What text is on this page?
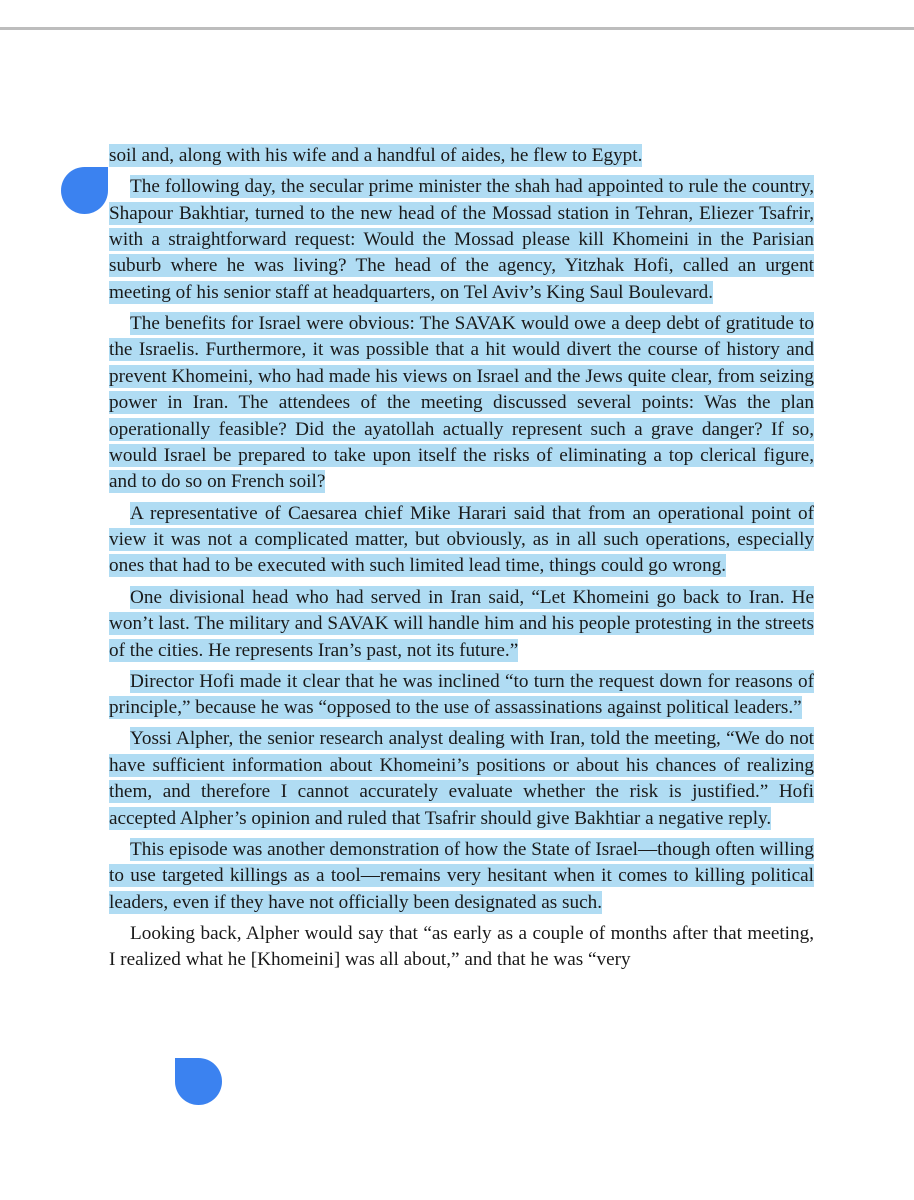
soil and, along with his wife and a handful of aides, he flew to Egypt.

The following day, the secular prime minister the shah had appointed to rule the country, Shapour Bakhtiar, turned to the new head of the Mossad station in Tehran, Eliezer Tsafrir, with a straightforward request: Would the Mossad please kill Khomeini in the Parisian suburb where he was living? The head of the agency, Yitzhak Hofi, called an urgent meeting of his senior staff at headquarters, on Tel Aviv’s King Saul Boulevard.

The benefits for Israel were obvious: The SAVAK would owe a deep debt of gratitude to the Israelis. Furthermore, it was possible that a hit would divert the course of history and prevent Khomeini, who had made his views on Israel and the Jews quite clear, from seizing power in Iran. The attendees of the meeting discussed several points: Was the plan operationally feasible? Did the ayatollah actually represent such a grave danger? If so, would Israel be prepared to take upon itself the risks of eliminating a top clerical figure, and to do so on French soil?

A representative of Caesarea chief Mike Harari said that from an operational point of view it was not a complicated matter, but obviously, as in all such operations, especially ones that had to be executed with such limited lead time, things could go wrong.

One divisional head who had served in Iran said, “Let Khomeini go back to Iran. He won’t last. The military and SAVAK will handle him and his people protesting in the streets of the cities. He represents Iran’s past, not its future.”

Director Hofi made it clear that he was inclined “to turn the request down for reasons of principle,” because he was “opposed to the use of assassinations against political leaders.”

Yossi Alpher, the senior research analyst dealing with Iran, told the meeting, “We do not have sufficient information about Khomeini’s positions or about his chances of realizing them, and therefore I cannot accurately evaluate whether the risk is justified.” Hofi accepted Alpher’s opinion and ruled that Tsafrir should give Bakhtiar a negative reply.

This episode was another demonstration of how the State of Israel—though often willing to use targeted killings as a tool—remains very hesitant when it comes to killing political leaders, even if they have not officially been designated as such.

Looking back, Alpher would say that “as early as a couple of months after that meeting, I realized what he [Khomeini] was all about,” and that he was “very
